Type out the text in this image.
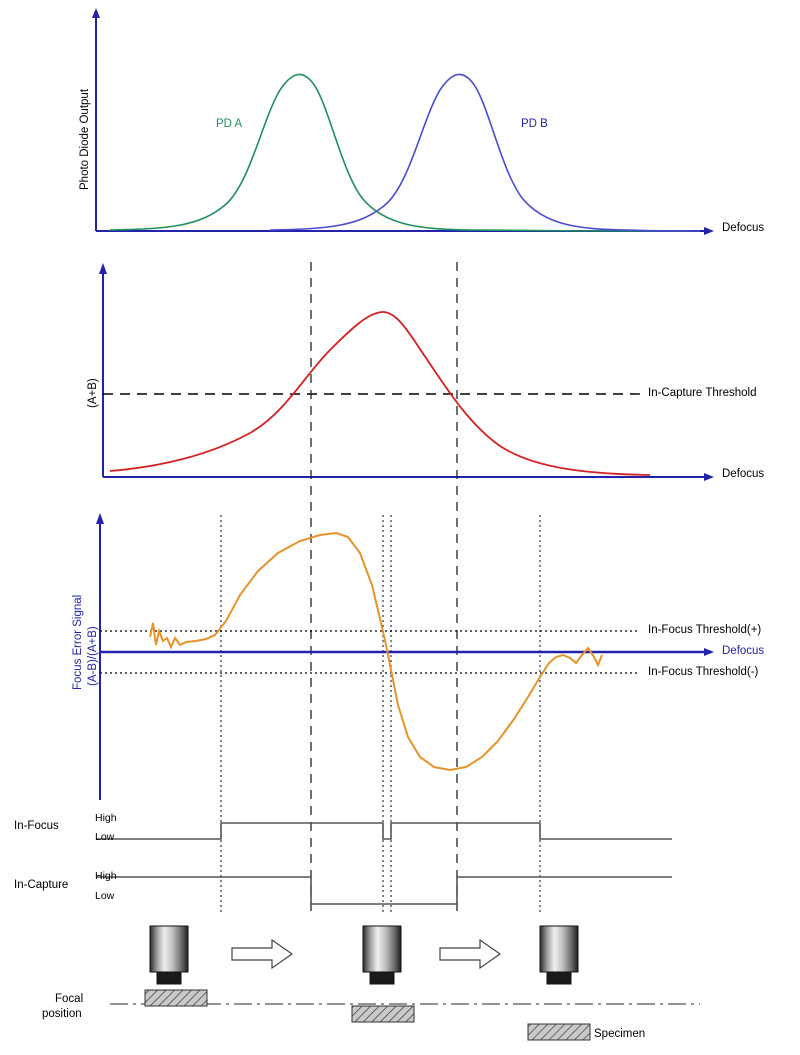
Photo Diode Output
Defocus
PD A	PD B
(A+B)
Defocus
In-Capture Threshold
Focus Error Signal (A-B)/(A+B)	In-Focus Threshold(+)
Defocus
In-Focus Threshold(-)
In-Focus
High
Low
In-Capture
High
Low
Focal
position
Specimen
